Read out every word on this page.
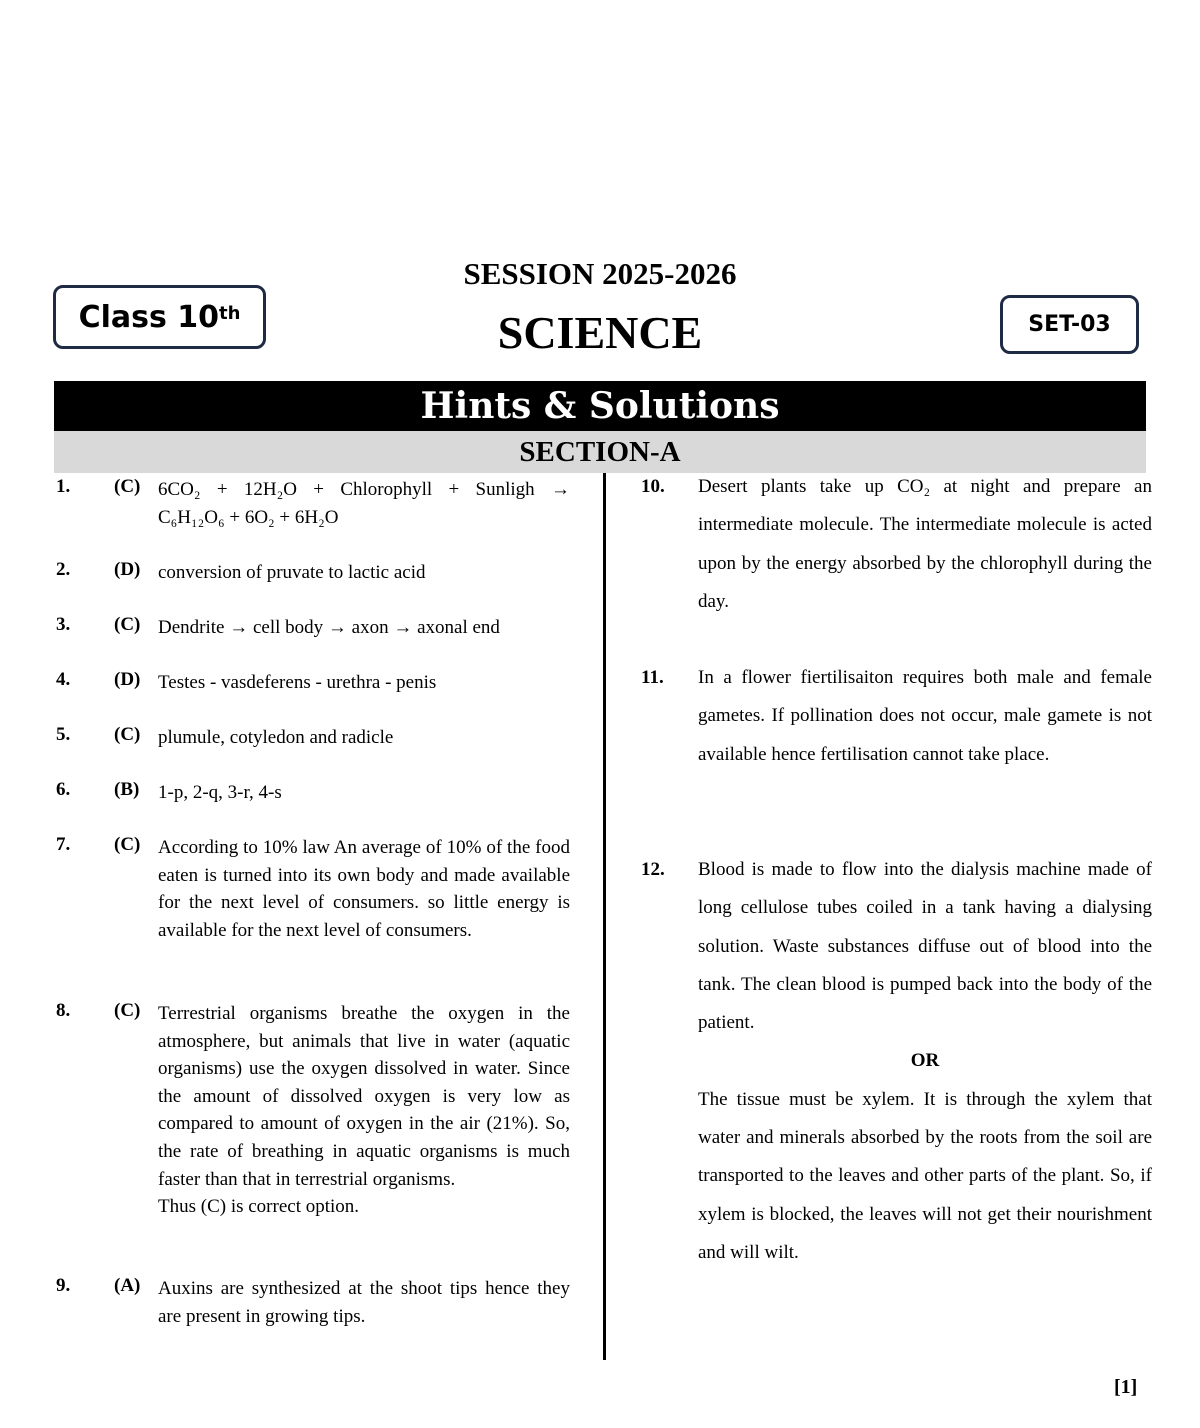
SESSION 2025-2026
SCIENCE
Class 10th	SET-03
Hints & Solutions
SECTION-A
1. (C) 6CO₂ + 12H₂O + Chlorophyll + Sunligh →
C₆H₁₂O₆ + 6O₂ + 6H₂O
2. (D) conversion of pruvate to lactic acid
3. (C) Dendrite → cell body → axon → axonal end
4. (D) Testes - vasdeferens - urethra - penis
5. (C) plumule, cotyledon and radicle
6. (B) 1-p, 2-q, 3-r, 4-s
7. (C) According to 10% law An average of 10% of the food eaten is turned into its own body and made available for the next level of consumers. so little energy is available for the next level of consumers.
8. (C) Terrestrial organisms breathe the oxygen in the atmosphere, but animals that live in water (aquatic organisms) use the oxygen dissolved in water. Since the amount of dissolved oxygen is very low as compared to amount of oxygen in the air (21%). So, the rate of breathing in aquatic organisms is much faster than that in terrestrial organisms.
Thus (C) is correct option.
9. (A) Auxins are synthesized at the shoot tips hence they are present in growing tips.
10. Desert plants take up CO₂ at night and prepare an intermediate molecule. The intermediate molecule is acted upon by the energy absorbed by the chlorophyll during the day.
11. In a flower fiertilisaiton requires both male and female gametes. If pollination does not occur, male gamete is not available hence fertilisation cannot take place.
12. Blood is made to flow into the dialysis machine made of long cellulose tubes coiled in a tank having a dialysing solution. Waste substances diffuse out of blood into the tank. The clean blood is pumped back into the body of the patient.
OR
The tissue must be xylem. It is through the xylem that water and minerals absorbed by the roots from the soil are transported to the leaves and other parts of the plant. So, if xylem is blocked, the leaves will not get their nourishment and will wilt.
[1]
